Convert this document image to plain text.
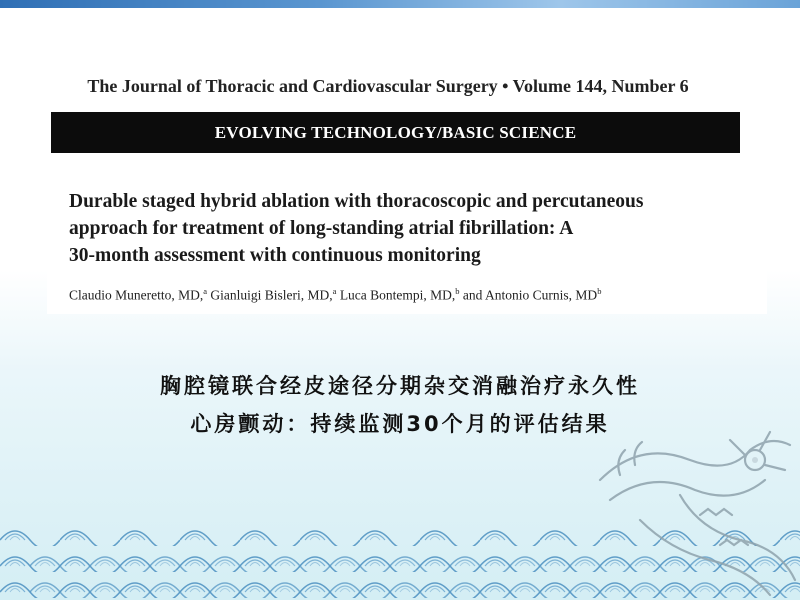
The Journal of Thoracic and Cardiovascular Surgery • Volume 144, Number 6
EVOLVING TECHNOLOGY/BASIC SCIENCE
Durable staged hybrid ablation with thoracoscopic and percutaneous
approach for treatment of long-standing atrial fibrillation: A
30-month assessment with continuous monitoring
Claudio Muneretto, MD,$^a$ Gianluigi Bisleri, MD,$^a$ Luca Bontempi, MD,$^b$ and Antonio Curnis, $MD^b$
胸腔镜联合经皮途径分期杂交消融治疗永久性
心房颤动：持续监测30个月的评估结果
